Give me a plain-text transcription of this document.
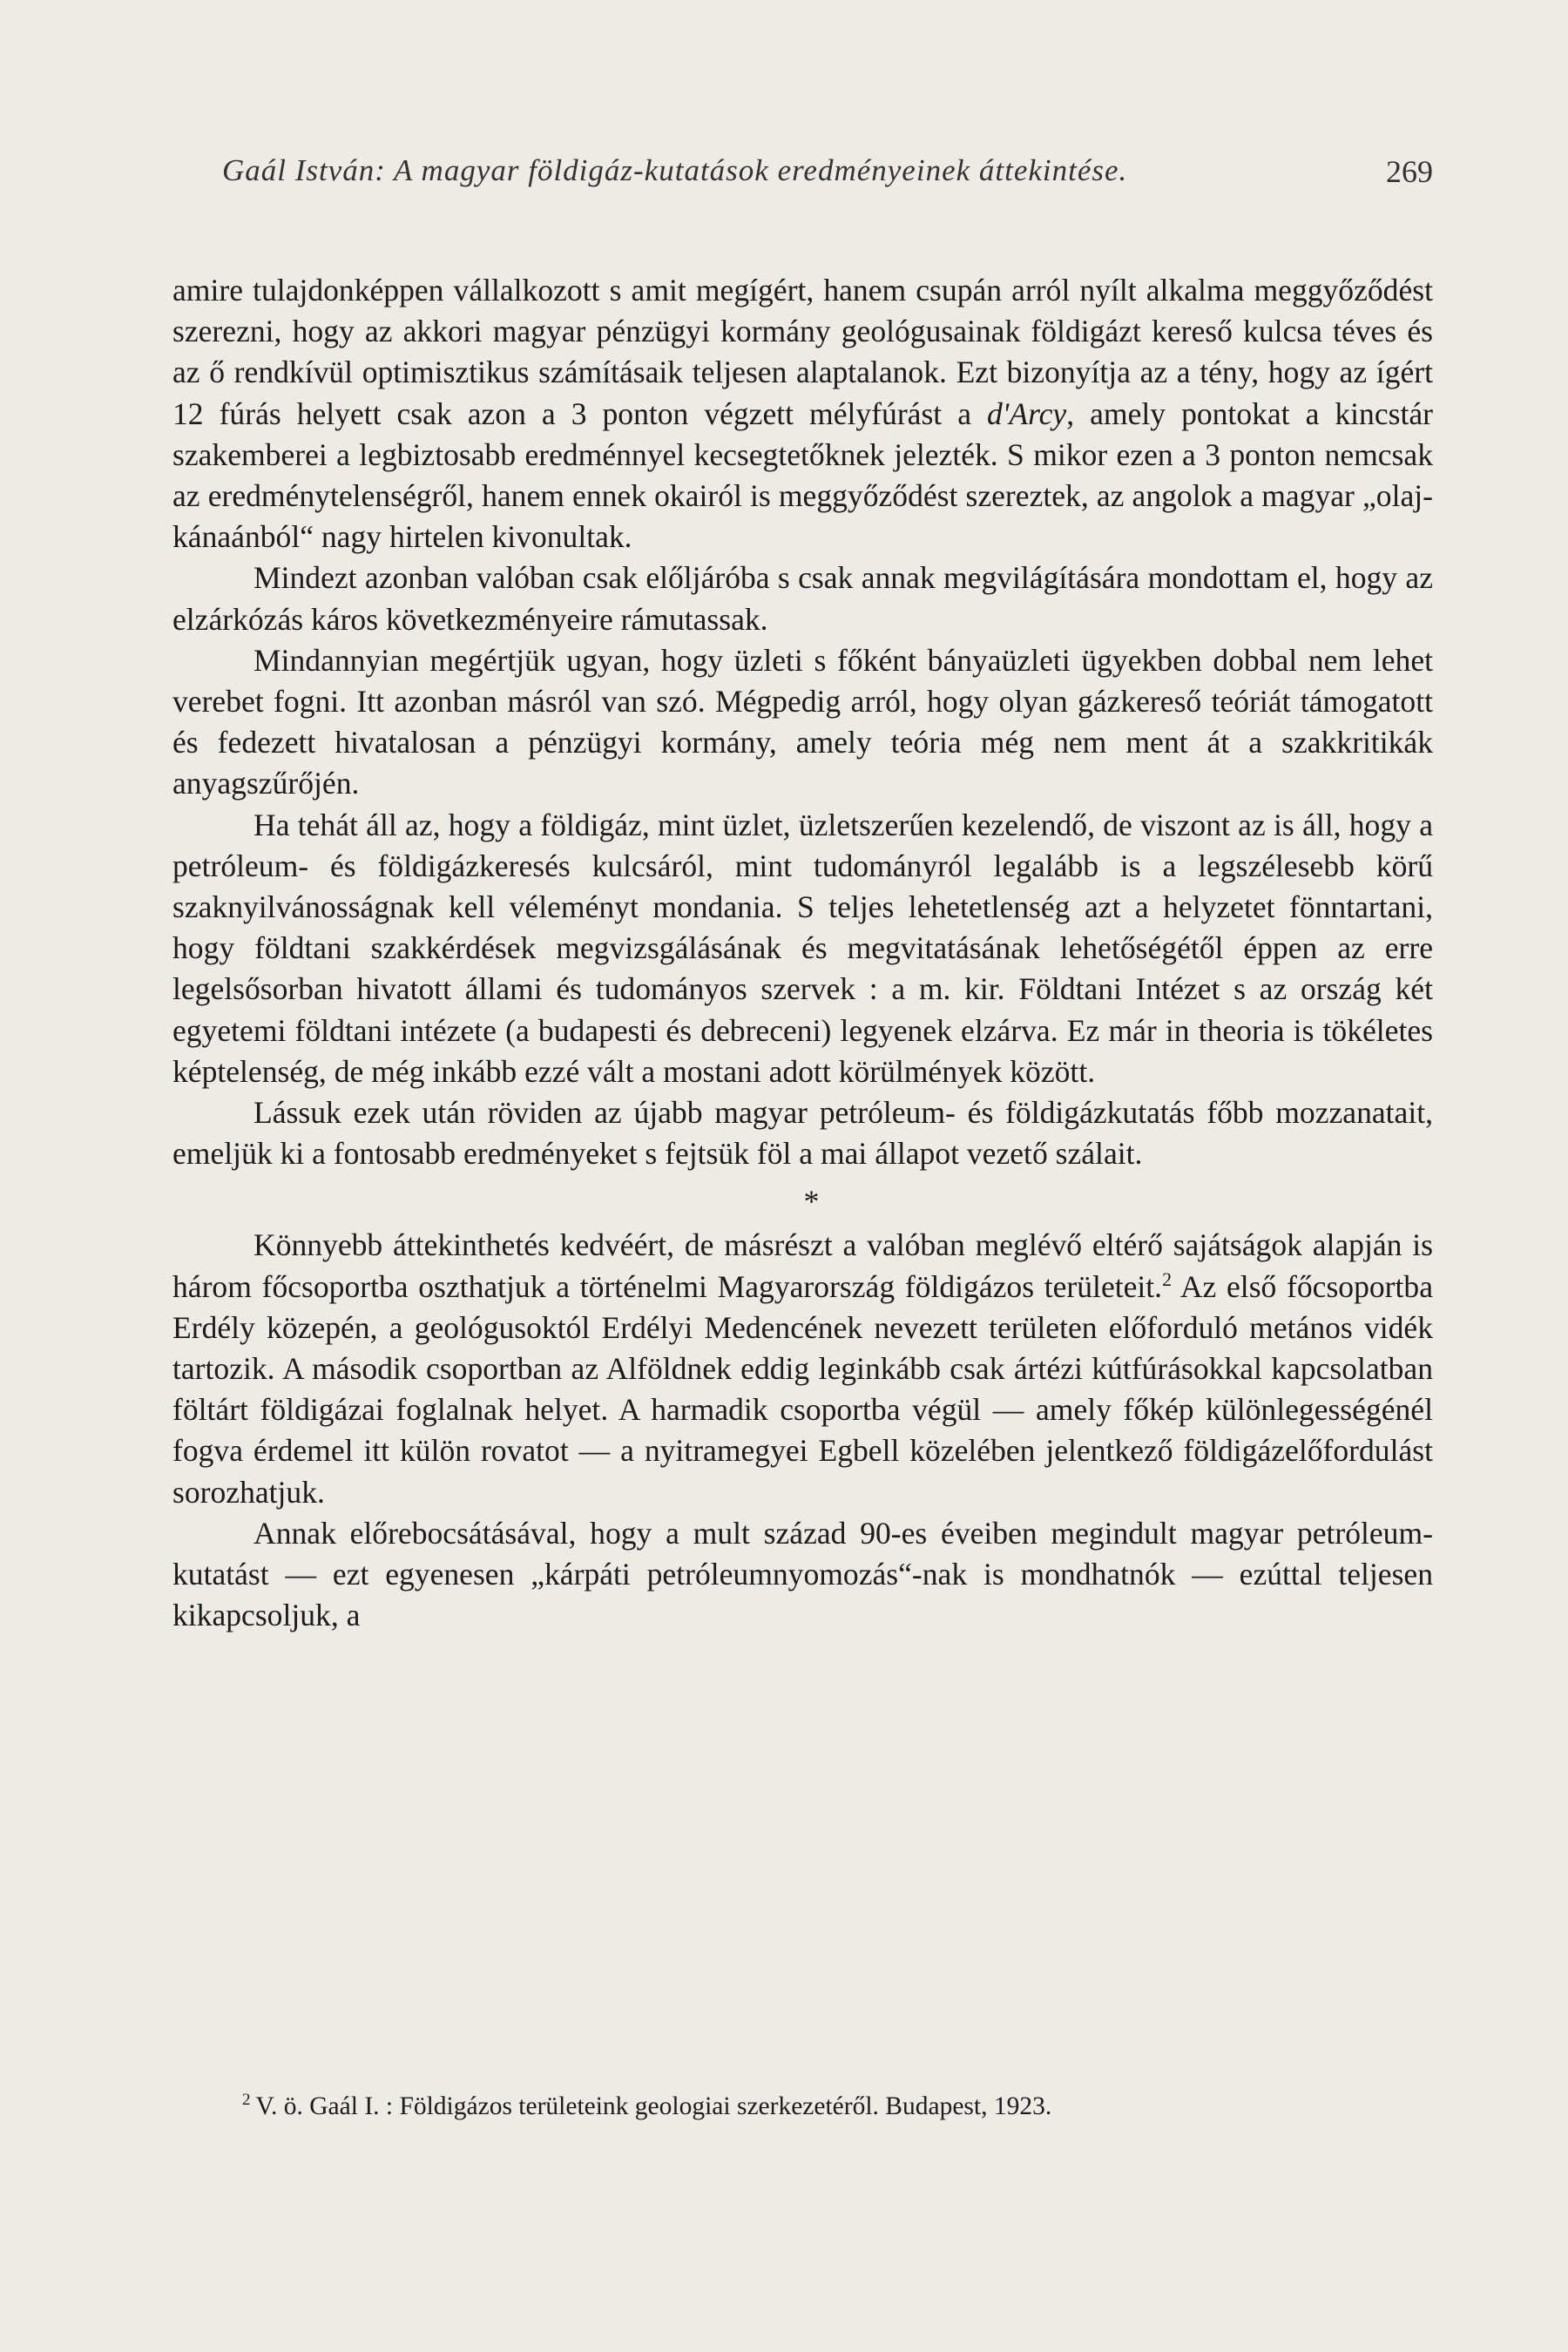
Gaál István: A magyar földigáz-kutatások eredményeinek áttekintése.	269

amire tulajdonképpen vállalkozott s amit megígért, hanem csupán arról nyílt alkalma meggyőződést szerezni, hogy az akkori magyar pénzügyi kormány geológusainak földigázt kereső kulcsa téves és az ő rendkívül optimisztikus számításaik teljesen alaptalanok. Ezt bizonyítja az a tény, hogy az ígért 12 fúrás helyett csak azon a 3 ponton végzett mélyfúrást a d'Arcy, amely pontokat a kincstár szakemberei a legbiztosabb eredménnyel kecsegtetőknek jelezték. S mikor ezen a 3 ponton nemcsak az eredménytelenségről, hanem ennek okairól is meggyőződést szereztek, az angolok a magyar „olaj-kánaánból“ nagy hirtelen kivonultak.

Mindezt azonban valóban csak előljáróba s csak annak megvilágítására mondottam el, hogy az elzárkózás káros következményeire rámutassak.

Mindannyian megértjük ugyan, hogy üzleti s főként bányaüzleti ügyekben dobbal nem lehet verebet fogni. Itt azonban másról van szó. Mégpedig arról, hogy olyan gázkereső teóriát támogatott és fedezett hivatalosan a pénzügyi kormány, amely teória még nem ment át a szakkritikák anyagszűrőjén.

Ha tehát áll az, hogy a földigáz, mint üzlet, üzletszerűen kezelendő, de viszont az is áll, hogy a petróleum- és földigázkeresés kulcsáról, mint tudományról legalább is a legszélesebb körű szaknyilvánosságnak kell véleményt mondania. S teljes lehetetlenség azt a helyzetet fönntartani, hogy földtani szakkérdések megvizsgálásának és megvitatásának lehetőségétől éppen az erre legelsősorban hivatott állami és tudományos szervek : a m. kir. Földtani Intézet s az ország két egyetemi földtani intézete (a budapesti és debreceni) legyenek elzárva. Ez már in theoria is tökéletes képtelenség, de még inkább ezzé vált a mostani adott körülmények között.

Lássuk ezek után röviden az újabb magyar petróleum- és földigázkutatás főbb mozzanatait, emeljük ki a fontosabb eredményeket s fejtsük föl a mai állapot vezető szálait.

*

Könnyebb áttekinthetés kedvéért, de másrészt a valóban meglévő eltérő sajátságok alapján is három főcsoportba oszthatjuk a történelmi Magyarország földigázos területeit.$^2$ Az első főcsoportba Erdély közepén, a geológusoktól Erdélyi Medencének nevezett területen előforduló metános vidék tartozik. A második csoportban az Alföldnek eddig leginkább csak ártézi kútfúrásokkal kapcsolatban föltárt földigázai foglalnak helyet. A harmadik csoportba végül — amely főkép különlegességénél fogva érdemel itt külön rovatot — a nyitramegyei Egbell közelében jelentkező földigázelőfordulást sorozhatjuk.

Annak előrebocsátásával, hogy a mult század 90-es éveiben megindult magyar petróleum-kutatást — ezt egyenesen „kárpáti petróleumnyomozás“-nak is mondhatnók — ezúttal teljesen kikapcsoljuk, a

$^2$ V. ö. Gaál I. : Földigázos területeink geologiai szerkezetéről. Budapest, 1923.
